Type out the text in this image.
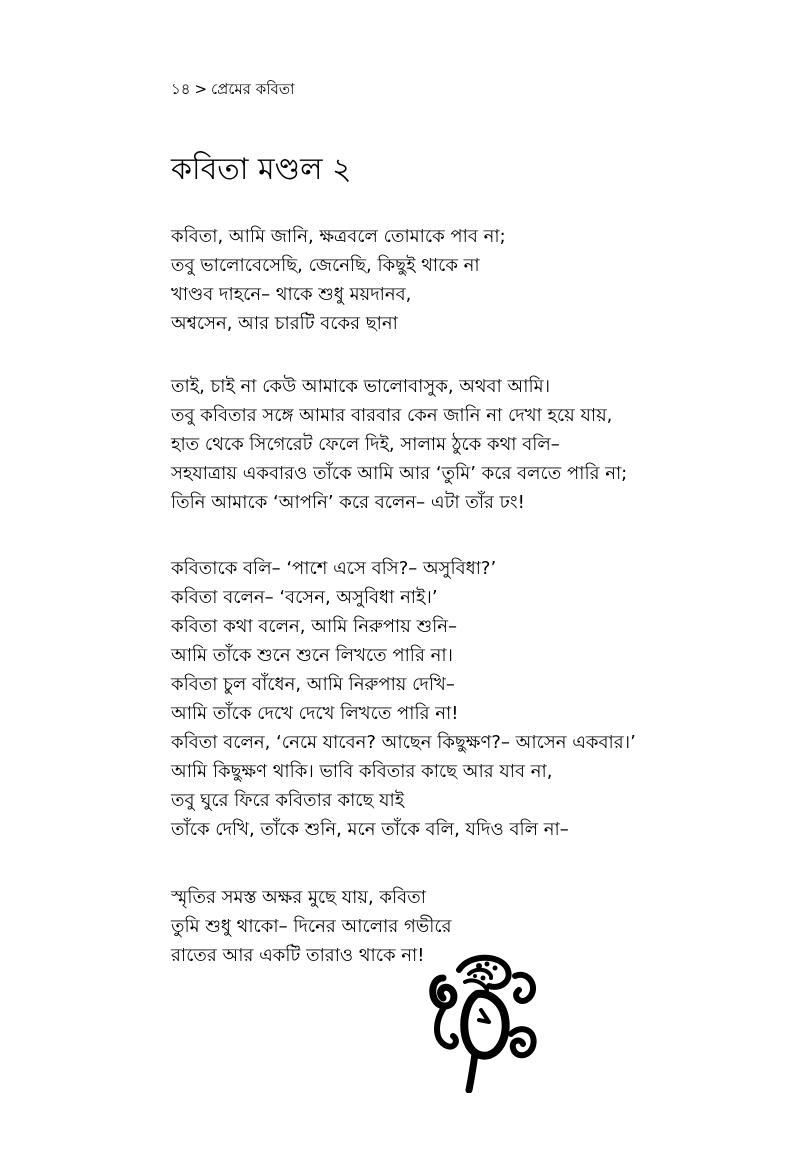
১৪ > প্রেমের কবিতা
কবিতা মণ্ডল ২
কবিতা, আমি জানি, ক্ষত্রবলে তোমাকে পাব না;
তবু ভালোবেসেছি, জেনেছি, কিছুই থাকে না
খাণ্ডব দাহনে– থাকে শুধু ময়দানব,
অশ্বসেন, আর চারটি বকের ছানা
তাই, চাই না কেউ আমাকে ভালোবাসুক, অথবা আমি।
তবু কবিতার সঙ্গে আমার বারবার কেন জানি না দেখা হয়ে যায়,
হাত থেকে সিগেরেট ফেলে দিই, সালাম ঠুকে কথা বলি–
সহযাত্রায় একবারও তাঁকে আমি আর ‘তুমি’ করে বলতে পারি না;
তিনি আমাকে ‘আপনি’ করে বলেন– এটা তাঁর ঢং!
কবিতাকে বলি– ‘পাশে এসে বসি?– অসুবিধা?’
কবিতা বলেন– ‘বসেন, অসুবিধা নাই।’
কবিতা কথা বলেন, আমি নিরুপায় শুনি–
আমি তাঁকে শুনে শুনে লিখতে পারি না।
কবিতা চুল বাঁধেন, আমি নিরুপায় দেখি–
আমি তাঁকে দেখে দেখে লিখতে পারি না!
কবিতা বলেন, ‘নেমে যাবেন? আছেন কিছুক্ষণ?– আসেন একবার।’
আমি কিছুক্ষণ থাকি। ভাবি কবিতার কাছে আর যাব না,
তবু ঘুরে ফিরে কবিতার কাছে যাই
তাঁকে দেখি, তাঁকে শুনি, মনে তাঁকে বলি, যদিও বলি না–
স্মৃতির সমস্ত অক্ষর মুছে যায়, কবিতা
তুমি শুধু থাকো– দিনের আলোর গভীরে
রাতের আর একটি তারাও থাকে না!
